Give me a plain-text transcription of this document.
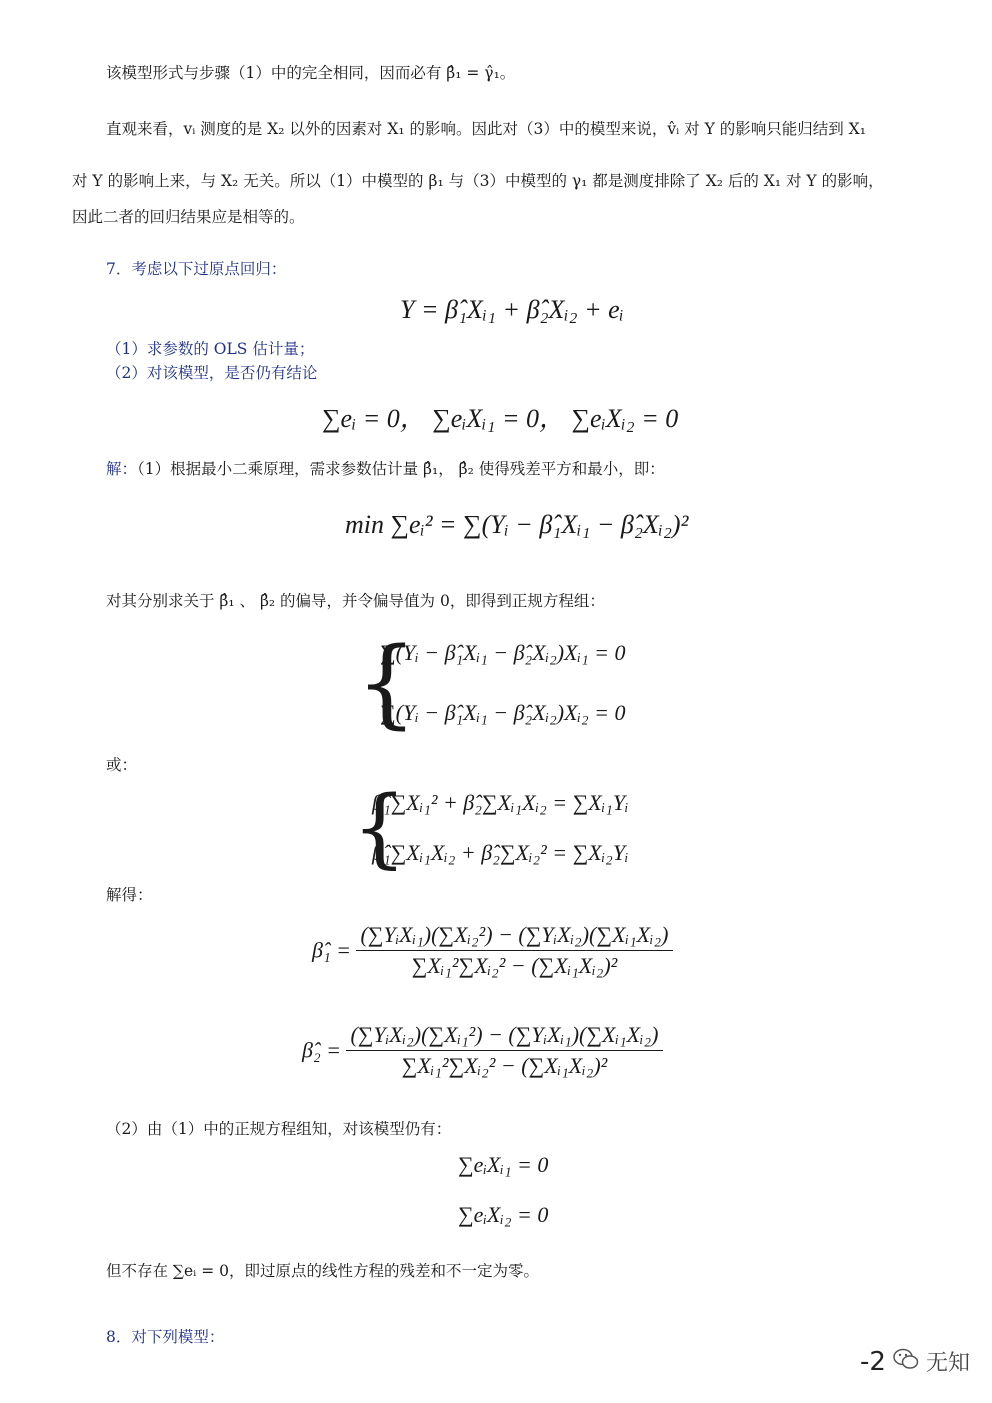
该模型形式与步骤（1）中的完全相同，因而必有 β̂₁ = γ̂₁。
直观来看，vᵢ 测度的是 X₂ 以外的因素对 X₁ 的影响。因此对（3）中的模型来说，v̂ᵢ 对 Y 的影响只能归结到 X₁
对 Y 的影响上来，与 X₂ 无关。所以（1）中模型的 β₁ 与（3）中模型的 γ₁ 都是测度排除了 X₂ 后的 X₁ 对 Y 的影响，
因此二者的回归结果应是相等的。
7．考虑以下过原点回归：
Y = β̂₁Xᵢ₁ + β̂₂Xᵢ₂ + eᵢ
（1）求参数的 OLS 估计量；
（2）对该模型，是否仍有结论
∑eᵢ = 0， ∑eᵢXᵢ₁ = 0， ∑eᵢXᵢ₂ = 0
解：（1）根据最小二乘原理，需求参数估计量 β̂₁， β̂₂ 使得残差平方和最小，即：
min ∑eᵢ² = ∑(Yᵢ − β̂₁Xᵢ₁ − β̂₂Xᵢ₂)²
对其分别求关于 β̂₁ 、 β̂₂ 的偏导，并令偏导值为 0，即得到正规方程组：
{
∑(Yᵢ − β̂₁Xᵢ₁ − β̂₂Xᵢ₂)Xᵢ₁ = 0
∑(Yᵢ − β̂₁Xᵢ₁ − β̂₂Xᵢ₂)Xᵢ₂ = 0
或：
{
β̂₁∑Xᵢ₁² + β̂₂∑Xᵢ₁Xᵢ₂ = ∑Xᵢ₁Yᵢ
β̂₁∑Xᵢ₁Xᵢ₂ + β̂₂∑Xᵢ₂² = ∑Xᵢ₂Yᵢ
解得：
β̂₁ = $\frac{\text{(∑YᵢXᵢ₁)(∑Xᵢ₂²) − (∑YᵢXᵢ₂)(∑Xᵢ₁Xᵢ₂)}}{\text{∑Xᵢ₁²∑Xᵢ₂² − (∑Xᵢ₁Xᵢ₂)²}}$
β̂₂ = $\frac{\text{(∑YᵢXᵢ₂)(∑Xᵢ₁²) − (∑YᵢXᵢ₁)(∑Xᵢ₁Xᵢ₂)}}{\text{∑Xᵢ₁²∑Xᵢ₂² − (∑Xᵢ₁Xᵢ₂)²}}$
（2）由（1）中的正规方程组知，对该模型仍有：
∑eᵢXᵢ₁ = 0
∑eᵢXᵢ₂ = 0
但不存在 ∑eᵢ = 0，即过原点的线性方程的残差和不一定为零。
8．对下列模型：
-2 无知
